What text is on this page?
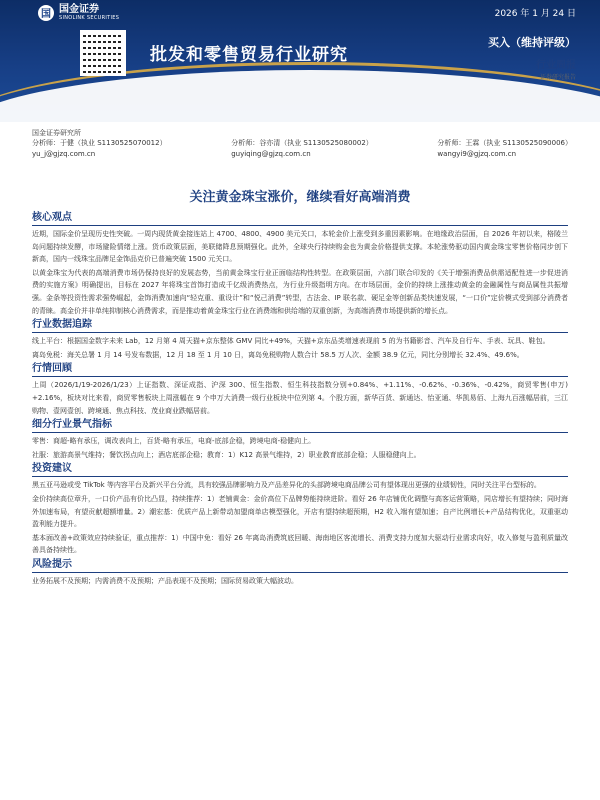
国 国金证券
SINOLINK SECURITIES	2026 年 1 月 24 日
批发和零售贸易行业研究
买入（维持评级）
行业周报
证券研究报告
国金证券研究所
分析师：于健（执业 S1130525070012）
yu_j@gjzq.com.cn
分析师：谷亦清（执业 S1130525080002）
guyiqing@gjzq.com.cn
分析师：王霖（执业 S1130525090006）
wangyi9@gjzq.com.cn
关注黄金珠宝涨价，继续看好高端消费
核心观点
近期，国际金价呈现历史性突破。一周内现货黄金接连站上 4700、4800、4900 美元关口，本轮金价上涨受到多重因素影响。在地缘政治层面，自 2026 年初以来，格陵兰岛问题持续发酵，市场避险情绪上涨。货币政策层面，美联储降息预期强化。此外，全球央行持续购金也为黄金价格提供支撑。本轮涨势驱动国内黄金珠宝零售价格同步创下新高，国内一线珠宝品牌足金饰品克价已普遍突破 1500 元关口。
以黄金珠宝为代表的高端消费市场仍保持良好的发展态势，当前黄金珠宝行业正面临结构性转型。在政策层面，六部门联合印发的《关于增强消费品供需适配性进一步促进消费的实施方案》明确提出，目标在 2027 年将珠宝首饰打造成千亿级消费热点，为行业升级指明方向。在市场层面，金价的持续上涨推动黄金的金融属性与商品属性共振增强。金条等投资性需求强势崛起，金饰消费加速向“轻克重、重设计”和“悦己消费”转型，古法金、IP 联名款、硬足金等创新品类快速发展，“一口价”定价模式受到部分消费者的青睐。高金价并非单纯抑制核心消费需求，而是推动着黄金珠宝行业在消费端和供给端的双重创新，为高端消费市场提供新的增长点。
行业数据追踪
线上平台：根据国金数字未来 Lab，12 月第 4 周天猫+京东整体 GMV 同比+49%，天猫+京东品类增速表现前 5 的为书籍影音、汽车及自行车、手表、玩具、鞋包。
离岛免税：海关总署 1 月 14 号发布数据，12 月 18 至 1 月 10 日，离岛免税购物人数合计 58.5 万人次、金额 38.9 亿元，同比分别增长 32.4%、49.6%。
行情回顾
上周（2026/1/19-2026/1/23）上证指数、深证成指、沪深 300、恒生指数、恒生科技指数分别+0.84%、+1.11%、-0.62%、-0.36%、-0.42%，商贸零售(申万) +2.16%，板块对比来看，商贸零售板块上周涨幅在 9 个申万大消费一级行业板块中位列第 4。个股方面，新华百货、新通达、怡亚通、华凯易佰、上海九百涨幅居前，三江购物、壹网壹创、跨境通、焦点科技、茂业商业跌幅居前。
细分行业景气指标
零售：商超-略有承压，调改表向上，百货-略有承压，电商-底部企稳，跨境电商-稳健向上。
社服：旅游高景气维持；餐饮拐点向上；酒店底部企稳；教育：1）K12 高景气维持，2）职业教育底部企稳；人服稳健向上。
投资建议
黑五亚马逊或受 TikTok 等内容平台及新兴平台分流，具有较强品牌影响力及产品差异化的头部跨境电商品牌公司有望体现出更强的业绩韧性，同时关注平台型标的。
金价持续高位章升，一口价产品有价比凸显，持续推荐：1）老铺黄金：金价高位下品牌势能持续进阶。看好 26 年店铺优化调整与高客运营策略，同店增长有望持续；同时海外加速布局，有望贡献超额增量。2）潮宏基：优质产品上新带动加盟商单店模型强化，开店有望持续超预期，H2 收入端有望加速；自产比例增长+产品结构优化，双重驱动盈利能力提升。
基本面改善+政策效应持续验证，重点推荐：1）中国中免：看好 26 年离岛消费筑底回暖、海南地区客流增长、消费支持力度加大驱动行业需求向好，收入修复与盈利质量改善具备持续性。
风险提示
业务拓展不及预期；内需消费不及预期；产品表现不及预期；国际贸易政策大幅波动。
